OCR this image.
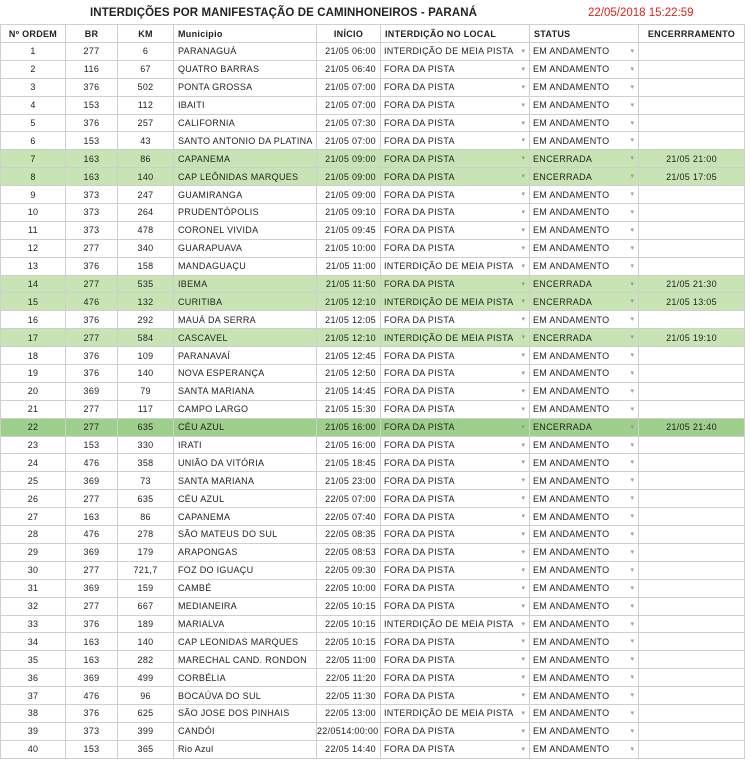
INTERDIÇÕES POR MANIFESTAÇÃO DE CAMINHONEIROS - PARANÁ	22/05/2018 15:22:59
Nº ORDEM	BR	KM	Municipio	INÍCIO	INTERDIÇÃO NO LOCAL	STATUS	ENCERRRAMENTO
1	277	6	PARANAGUÁ	21/05 06:00	INTERDIÇÃO DE MEIA PISTA ▾	EM ANDAMENTO ▾	

2	116	67	QUATRO BARRAS	21/05 06:40	FORA DA PISTA ▾	EM ANDAMENTO ▾	

3	376	502	PONTA GROSSA	21/05 07:00	FORA DA PISTA ▾	EM ANDAMENTO ▾	

4	153	112	IBAITI	21/05 07:00	FORA DA PISTA ▾	EM ANDAMENTO ▾	

5	376	257	CALIFORNIA	21/05 07:30	FORA DA PISTA ▾	EM ANDAMENTO ▾	

6	153	43	SANTO ANTONIO DA PLATINA	21/05 07:00	FORA DA PISTA ▾	EM ANDAMENTO ▾	

7	163	86	CAPANEMA	21/05 09:00	FORA DA PISTA ▾	ENCERRADA ▾	21/05 21:00
8	163	140	CAP LEÔNIDAS MARQUES	21/05 09:00	FORA DA PISTA ▾	ENCERRADA ▾	21/05 17:05
9	373	247	GUAMIRANGA	21/05 09:00	FORA DA PISTA ▾	EM ANDAMENTO ▾	

10	373	264	PRUDENTÓPOLIS	21/05 09:10	FORA DA PISTA ▾	EM ANDAMENTO ▾	

11	373	478	CORONEL VIVIDA	21/05 09:45	FORA DA PISTA ▾	EM ANDAMENTO ▾	

12	277	340	GUARAPUAVA	21/05 10:00	FORA DA PISTA ▾	EM ANDAMENTO ▾	

13	376	158	MANDAGUAÇU	21/05 11:00	INTERDIÇÃO DE MEIA PISTA ▾	EM ANDAMENTO ▾	

14	277	535	IBEMA	21/05 11:50	FORA DA PISTA ▾	ENCERRADA ▾	21/05 21:30
15	476	132	CURITIBA	21/05 12:10	INTERDIÇÃO DE MEIA PISTA ▾	ENCERRADA ▾	21/05 13:05
16	376	292	MAUÁ DA SERRA	21/05 12:05	FORA DA PISTA ▾	EM ANDAMENTO ▾	

17	277	584	CASCAVEL	21/05 12:10	INTERDIÇÃO DE MEIA PISTA ▾	ENCERRADA ▾	21/05 19:10
18	376	109	PARANAVAÍ	21/05 12:45	FORA DA PISTA ▾	EM ANDAMENTO ▾	

19	376	140	NOVA ESPERANÇA	21/05 12:50	FORA DA PISTA ▾	EM ANDAMENTO ▾	

20	369	79	SANTA MARIANA	21/05 14:45	FORA DA PISTA ▾	EM ANDAMENTO ▾	

21	277	117	CAMPO LARGO	21/05 15:30	FORA DA PISTA ▾	EM ANDAMENTO ▾	

22	277	635	CÉU AZUL	21/05 16:00	FORA DA PISTA ▾	ENCERRADA ▾	21/05 21:40
23	153	330	IRATI	21/05 16:00	FORA DA PISTA ▾	EM ANDAMENTO ▾	

24	476	358	UNIÃO DA VITÓRIA	21/05 18:45	FORA DA PISTA ▾	EM ANDAMENTO ▾	

25	369	73	SANTA MARIANA	21/05 23:00	FORA DA PISTA ▾	EM ANDAMENTO ▾	

26	277	635	CÉU AZUL	22/05 07:00	FORA DA PISTA ▾	EM ANDAMENTO ▾	

27	163	86	CAPANEMA	22/05 07:40	FORA DA PISTA ▾	EM ANDAMENTO ▾	

28	476	278	SÃO MATEUS DO SUL	22/05 08:35	FORA DA PISTA ▾	EM ANDAMENTO ▾	

29	369	179	ARAPONGAS	22/05 08:53	FORA DA PISTA ▾	EM ANDAMENTO ▾	

30	277	721,7	FOZ DO IGUAÇU	22/05 09:30	FORA DA PISTA ▾	EM ANDAMENTO ▾	

31	369	159	CAMBÉ	22/05 10:00	FORA DA PISTA ▾	EM ANDAMENTO ▾	

32	277	667	MEDIANEIRA	22/05 10:15	FORA DA PISTA ▾	EM ANDAMENTO ▾	

33	376	189	MARIALVA	22/05 10:15	INTERDIÇÃO DE MEIA PISTA ▾	EM ANDAMENTO ▾	

34	163	140	CAP LEONIDAS MARQUES	22/05 10:15	FORA DA PISTA ▾	EM ANDAMENTO ▾	

35	163	282	MARECHAL CAND. RONDON	22/05 11:00	FORA DA PISTA ▾	EM ANDAMENTO ▾	

36	369	499	CORBÉLIA	22/05 11:20	FORA DA PISTA ▾	EM ANDAMENTO ▾	

37	476	96	BOCAÚVA DO SUL	22/05 11:30	FORA DA PISTA ▾	EM ANDAMENTO ▾	

38	376	625	SÃO JOSE DOS PINHAIS	22/05 13:00	INTERDIÇÃO DE MEIA PISTA ▾	EM ANDAMENTO ▾	

39	373	399	CANDÓI	22/0514:00:00	FORA DA PISTA ▾	EM ANDAMENTO ▾	

40	153	365	Rio Azul	22/05 14:40	FORA DA PISTA ▾	EM ANDAMENTO ▾	
